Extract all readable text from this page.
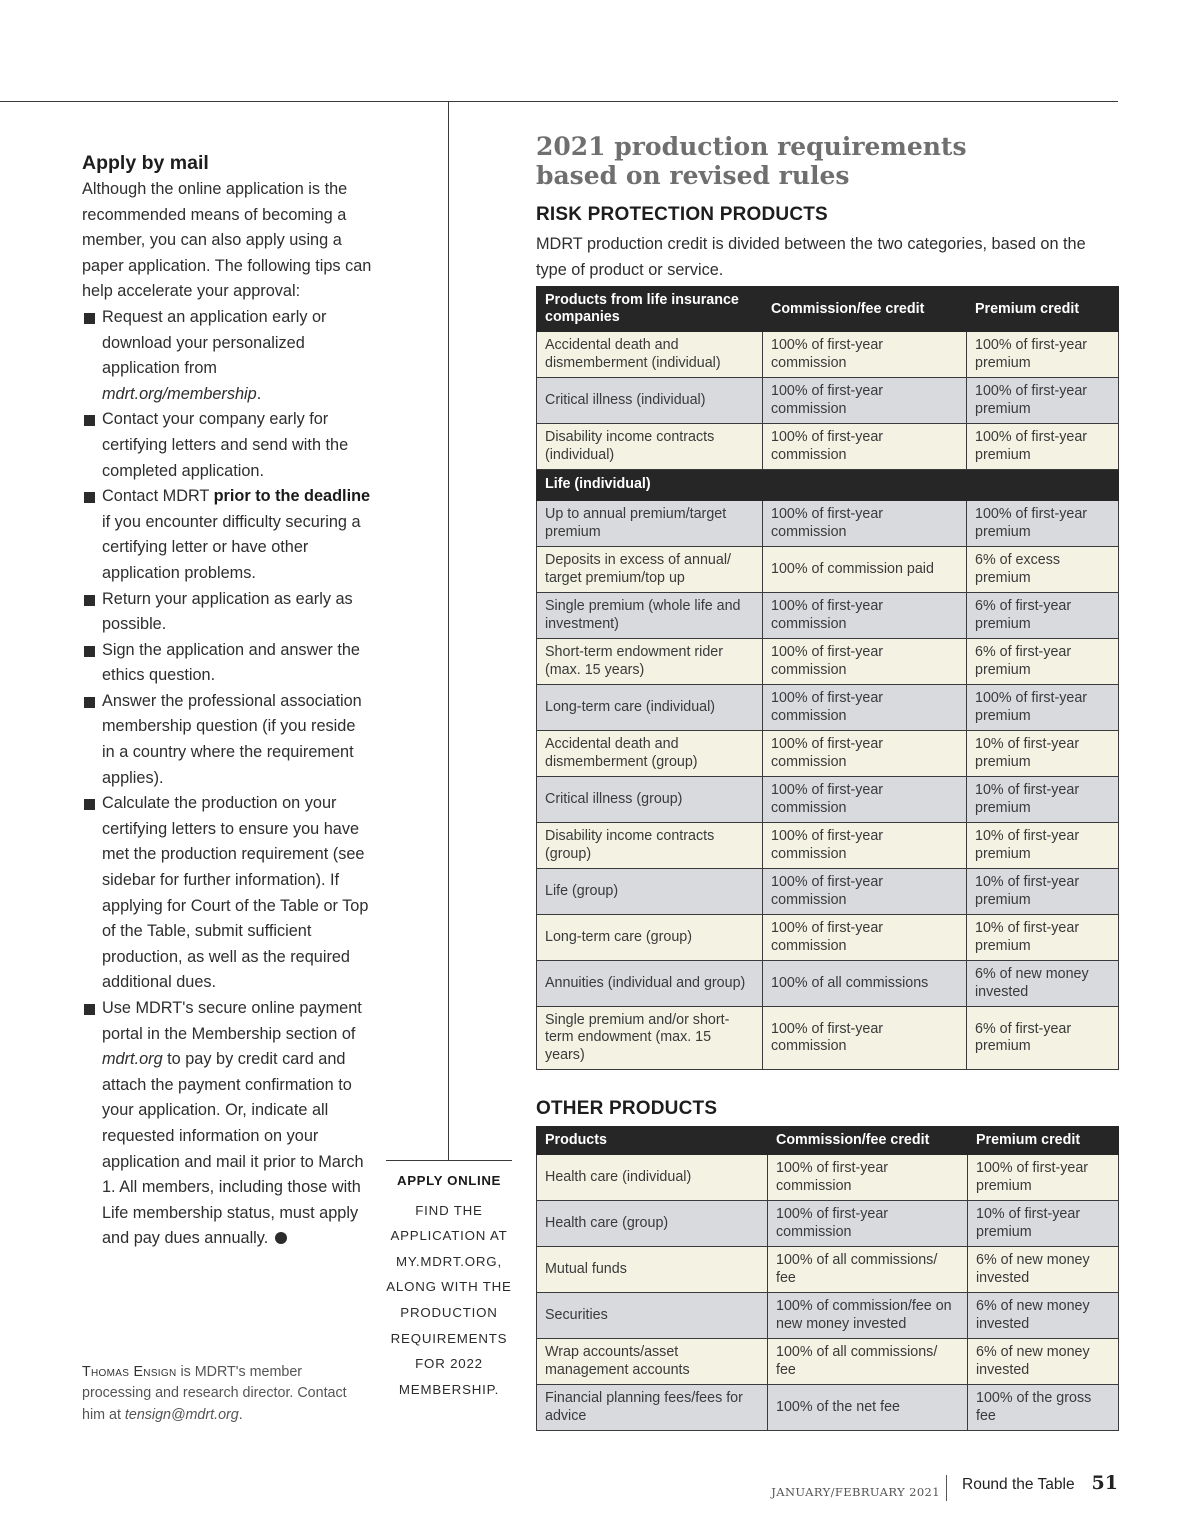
Apply by mail

Although the online application is the recommended means of becoming a member, you can also apply using a paper application. The following tips can help accelerate your approval:

Request an application early or download your personalized application from mdrt.org/membership.
Contact your company early for certifying letters and send with the completed application.
Contact MDRT prior to the deadline if you encounter difficulty securing a certifying letter or have other application problems.
Return your application as early as possible.
Sign the application and answer the ethics question.
Answer the professional association membership question (if you reside in a country where the requirement applies).
Calculate the production on your certifying letters to ensure you have met the production requirement (see sidebar for further information). If applying for Court of the Table or Top of the Table, submit sufficient production, as well as the required additional dues.
Use MDRT's secure online payment portal in the Membership section of mdrt.org to pay by credit card and attach the payment confirmation to your application. Or, indicate all requested information on your application and mail it prior to March 1. All members, including those with Life membership status, must apply and pay dues annually.
Thomas Ensign is MDRT's member processing and research director. Contact him at tensign@mdrt.org.
APPLY ONLINE
FIND THE APPLICATION AT MY.MDRT.ORG, ALONG WITH THE PRODUCTION REQUIREMENTS FOR 2022 MEMBERSHIP.
2021 production requirements
based on revised rules
RISK PROTECTION PRODUCTS

MDRT production credit is divided between the two categories, based on the type of product or service.

Products from life insurance companies	Commission/fee credit	Premium credit
Accidental death and dismemberment (individual)	100% of first-year commission	100% of first-year premium
Critical illness (individual)	100% of first-year commission	100% of first-year premium
Disability income contracts (individual)	100% of first-year commission	100% of first-year premium
Life (individual)		
Up to annual premium/target premium	100% of first-year commission	100% of first-year premium
Deposits in excess of annual/ target premium/top up	100% of commission paid	6% of excess premium
Single premium (whole life and investment)	100% of first-year commission	6% of first-year premium
Short-term endowment rider (max. 15 years)	100% of first-year commission	6% of first-year premium
Long-term care (individual)	100% of first-year commission	100% of first-year premium
Accidental death and dismemberment (group)	100% of first-year commission	10% of first-year premium
Critical illness (group)	100% of first-year commission	10% of first-year premium
Disability income contracts (group)	100% of first-year commission	10% of first-year premium
Life (group)	100% of first-year commission	10% of first-year premium
Long-term care (group)	100% of first-year commission	10% of first-year premium
Annuities (individual and group)	100% of all commissions	6% of new money invested
Single premium and/or short-term endowment (max. 15 years)	100% of first-year commission	6% of first-year premium
OTHER PRODUCTS
Products	Commission/fee credit	Premium credit
Health care (individual)	100% of first-year commission	100% of first-year premium
Health care (group)	100% of first-year commission	10% of first-year premium
Mutual funds	100% of all commissions/ fee	6% of new money invested
Securities	100% of commission/fee on new money invested	6% of new money invested
Wrap accounts/asset management accounts	100% of all commissions/ fee	6% of new money invested
Financial planning fees/fees for advice	100% of the net fee	100% of the gross fee
JANUARY/FEBRUARY 2021 Round the Table 51
